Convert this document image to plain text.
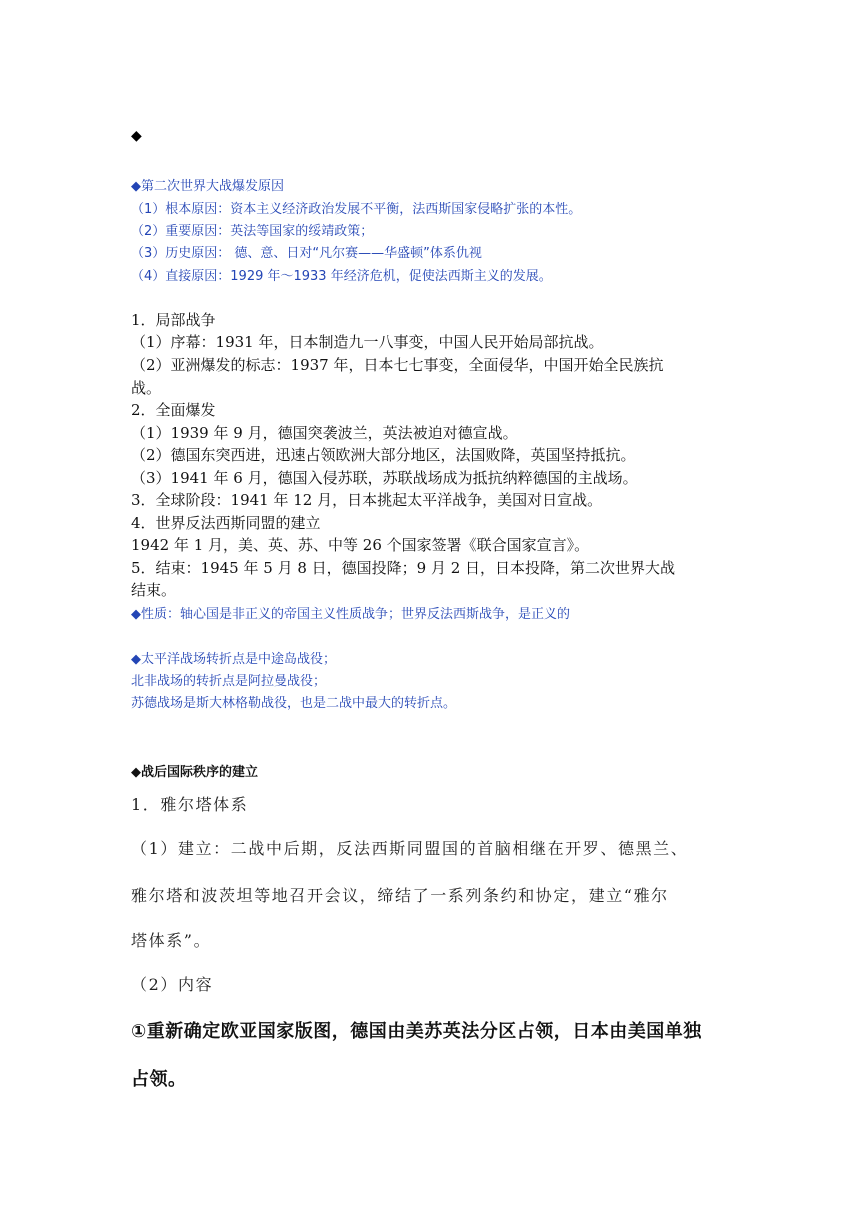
◆
◆第二次世界大战爆发原因
（1）根本原因：资本主义经济政治发展不平衡，法西斯国家侵略扩张的本性。
（2）重要原因：英法等国家的绥靖政策；
（3）历史原因： 德、意、日对“凡尔赛——华盛顿”体系仇视
（4）直接原因：1929 年～1933 年经济危机，促使法西斯主义的发展。
1．局部战争
（1）序幕：1931 年，日本制造九一八事变，中国人民开始局部抗战。
（2）亚洲爆发的标志：1937 年，日本七七事变，全面侵华，中国开始全民族抗
战。
2．全面爆发
（1）1939 年 9 月，德国突袭波兰，英法被迫对德宣战。
（2）德国东突西进，迅速占领欧洲大部分地区，法国败降，英国坚持抵抗。
（3）1941 年 6 月，德国入侵苏联，苏联战场成为抵抗纳粹德国的主战场。
3．全球阶段：1941 年 12 月，日本挑起太平洋战争，美国对日宣战。
4．世界反法西斯同盟的建立
1942 年 1 月，美、英、苏、中等 26 个国家签署《联合国家宣言》。
5．结束：1945 年 5 月 8 日，德国投降；9 月 2 日，日本投降，第二次世界大战
结束。
◆性质：轴心国是非正义的帝国主义性质战争；世界反法西斯战争，是正义的
◆太平洋战场转折点是中途岛战役；
北非战场的转折点是阿拉曼战役；
苏德战场是斯大林格勒战役，也是二战中最大的转折点。
◆战后国际秩序的建立
1．雅尔塔体系
（1）建立：二战中后期，反法西斯同盟国的首脑相继在开罗、德黑兰、
雅尔塔和波茨坦等地召开会议，缔结了一系列条约和协定，建立“雅尔
塔体系”。
（2）内容
①重新确定欧亚国家版图，德国由美苏英法分区占领，日本由美国单独
占领。
